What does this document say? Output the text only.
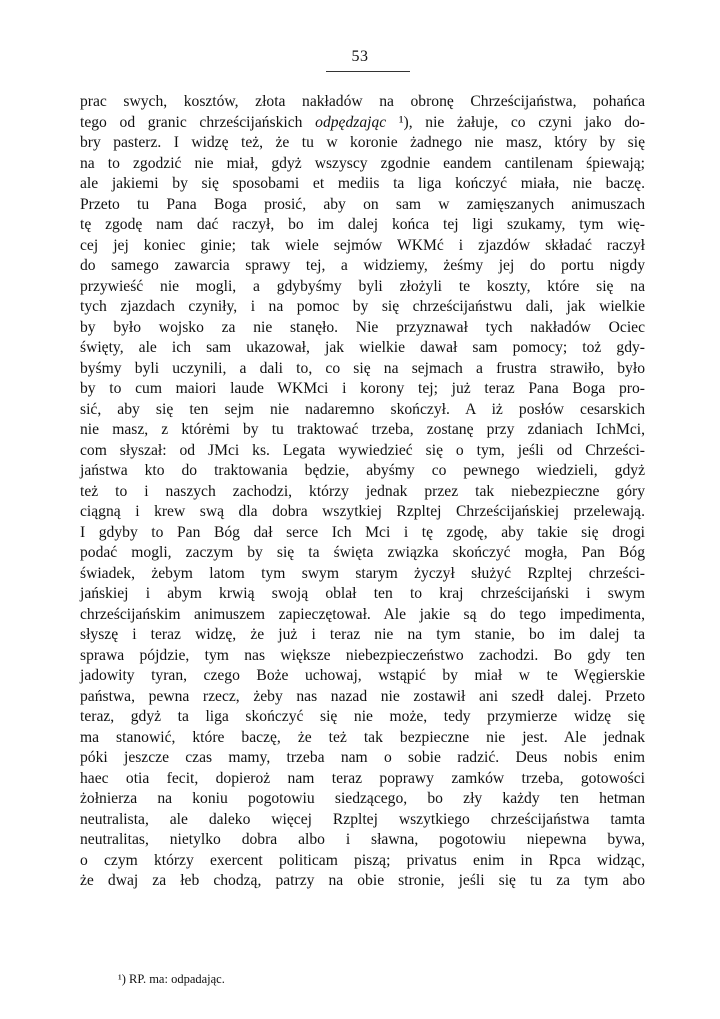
53
prac swych, kosztów, złota nakładów na obronę Chrześcijaństwa, pohańca
tego od granic chrześcijańskich odpędzając ¹), nie żałuje, co czyni jako do-
bry pasterz. I widzę też, że tu w koronie żadnego nie masz, który by się
na to zgodzić nie miał, gdyż wszyscy zgodnie eandem cantilenam śpiewają;
ale jakiemi by się sposobami et mediis ta liga kończyć miała, nie baczę.
Przeto tu Pana Boga prosić, aby on sam w zamięszanych animuszach
tę zgodę nam dać raczył, bo im dalej końca tej ligi szukamy, tym wię-
cej jej koniec ginie; tak wiele sejmów WKMć i zjazdów składać raczył
do samego zawarcia sprawy tej, a widziemy, żeśmy jej do portu nigdy
przywieść nie mogli, a gdybyśmy byli złożyli te koszty, które się na
tych zjazdach czyniły, i na pomoc by się chrześcijaństwu dali, jak wielkie
by było wojsko za nie stanęło. Nie przyznawał tych nakładów Ociec
święty, ale ich sam ukazował, jak wielkie dawał sam pomocy; toż gdy-
byśmy byli uczynili, a dali to, co się na sejmach a frustra strawiło, było
by to cum maiori laude WKMci i korony tej; już teraz Pana Boga pro-
sić, aby się ten sejm nie nadaremno skończył. A iż posłów cesarskich
nie masz, z którėmi by tu traktować trzeba, zostanę przy zdaniach IchMci,
com słyszał: od JMci ks. Legata wywiedzieć się o tym, jeśli od Chrześci-
jaństwa kto do traktowania będzie, abyśmy co pewnego wiedzieli, gdyż
też to i naszych zachodzi, którzy jednak przez tak niebezpieczne góry
ciągną i krew swą dla dobra wszytkiej Rzpltej Chrześcijańskiej przelewają.
I gdyby to Pan Bóg dał serce Ich Mci i tę zgodę, aby takie się drogi
podać mogli, zaczym by się ta święta związka skończyć mogła, Pan Bóg
świadek, żebym latom tym swym starym życzył służyć Rzpltej chrześci-
jańskiej i abym krwią swoją oblał ten to kraj chrześcijański i swym
chrześcijańskim animuszem zapieczętował. Ale jakie są do tego impedimenta,
słyszę i teraz widzę, że już i teraz nie na tym stanie, bo im dalej ta
sprawa pójdzie, tym nas większe niebezpieczeństwo zachodzi. Bo gdy ten
jadowity tyran, czego Boże uchowaj, wstąpić by miał w te Węgierskie
państwa, pewna rzecz, żeby nas nazad nie zostawił ani szedł dalej. Przeto
teraz, gdyż ta liga skończyć się nie może, tedy przymierze widzę się
ma stanowić, które baczę, że też tak bezpieczne nie jest. Ale jednak
póki jeszcze czas mamy, trzeba nam o sobie radzić. Deus nobis enim
haec otia fecit, dopieroż nam teraz poprawy zamków trzeba, gotowości
żołnierza na koniu pogotowiu siedzącego, bo zły każdy ten hetman
neutralista, ale daleko więcej Rzpltej wszytkiego chrześcijaństwa tamta
neutralitas, nietylko dobra albo i sławna, pogotowiu niepewna bywa,
o czym którzy exercent politicam piszą; privatus enim in Rpca widząc,
że dwaj za łeb chodzą, patrzy na obie stronie, jeśli się tu za tym abo
¹) RP. ma: odpadając.
